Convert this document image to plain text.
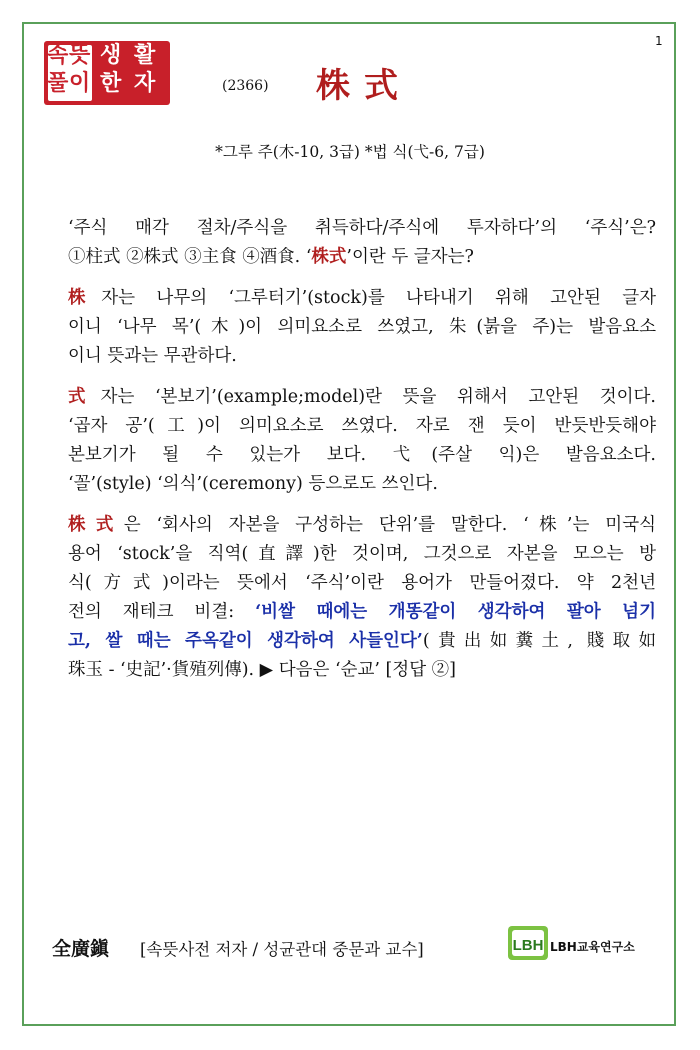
1
속 뜻
풀 이
생 활
한 자	(2366) 株式
*그루 주(木-10, 3급) *법 식(弋-6, 7급)

‘주식 매각 절차/주식을 취득하다/주식에 투자하다’의 ‘주식’은?
①柱式 ②株式 ③主食 ④酒食. ‘株式’이란 두 글자는?

株자는 나무의 ‘그루터기’(stock)를 나타내기 위해 고안된 글자
이니 ‘나무 목’(木)이 의미요소로 쓰였고, 朱(붉을 주)는 발음요소
이니 뜻과는 무관하다.

式자는 ‘본보기’(example;model)란 뜻을 위해서 고안된 것이다.
‘곱자 공’(工)이 의미요소로 쓰였다. 자로 잰 듯이 반듯반듯해야
본보기가 될 수 있는가 보다. 弋(주살 익)은 발음요소다.
‘꼴’(style) ‘의식’(ceremony) 등으로도 쓰인다.

株式은 ‘회사의 자본을 구성하는 단위’를 말한다. ‘株’는 미국식
용어 ‘stock’을 직역(直譯)한 것이며, 그것으로 자본을 모으는 방
식(方式)이라는 뜻에서 ‘주식’이란 용어가 만들어졌다. 약 2천년
전의 재테크 비결: ‘비쌀 때에는 개똥같이 생각하여 팔아 넘기
고, 쌀 때는 주옥같이 생각하여 사들인다’(貴出如糞土, 賤取如
珠玉 - ‘史記’·貨殖列傳). ▶ 다음은 ‘순교’ [정답 ②]

全廣鎭 [속뜻사전 저자 / 성균관대 중문과 교수]	LBH LBH교육연구소
